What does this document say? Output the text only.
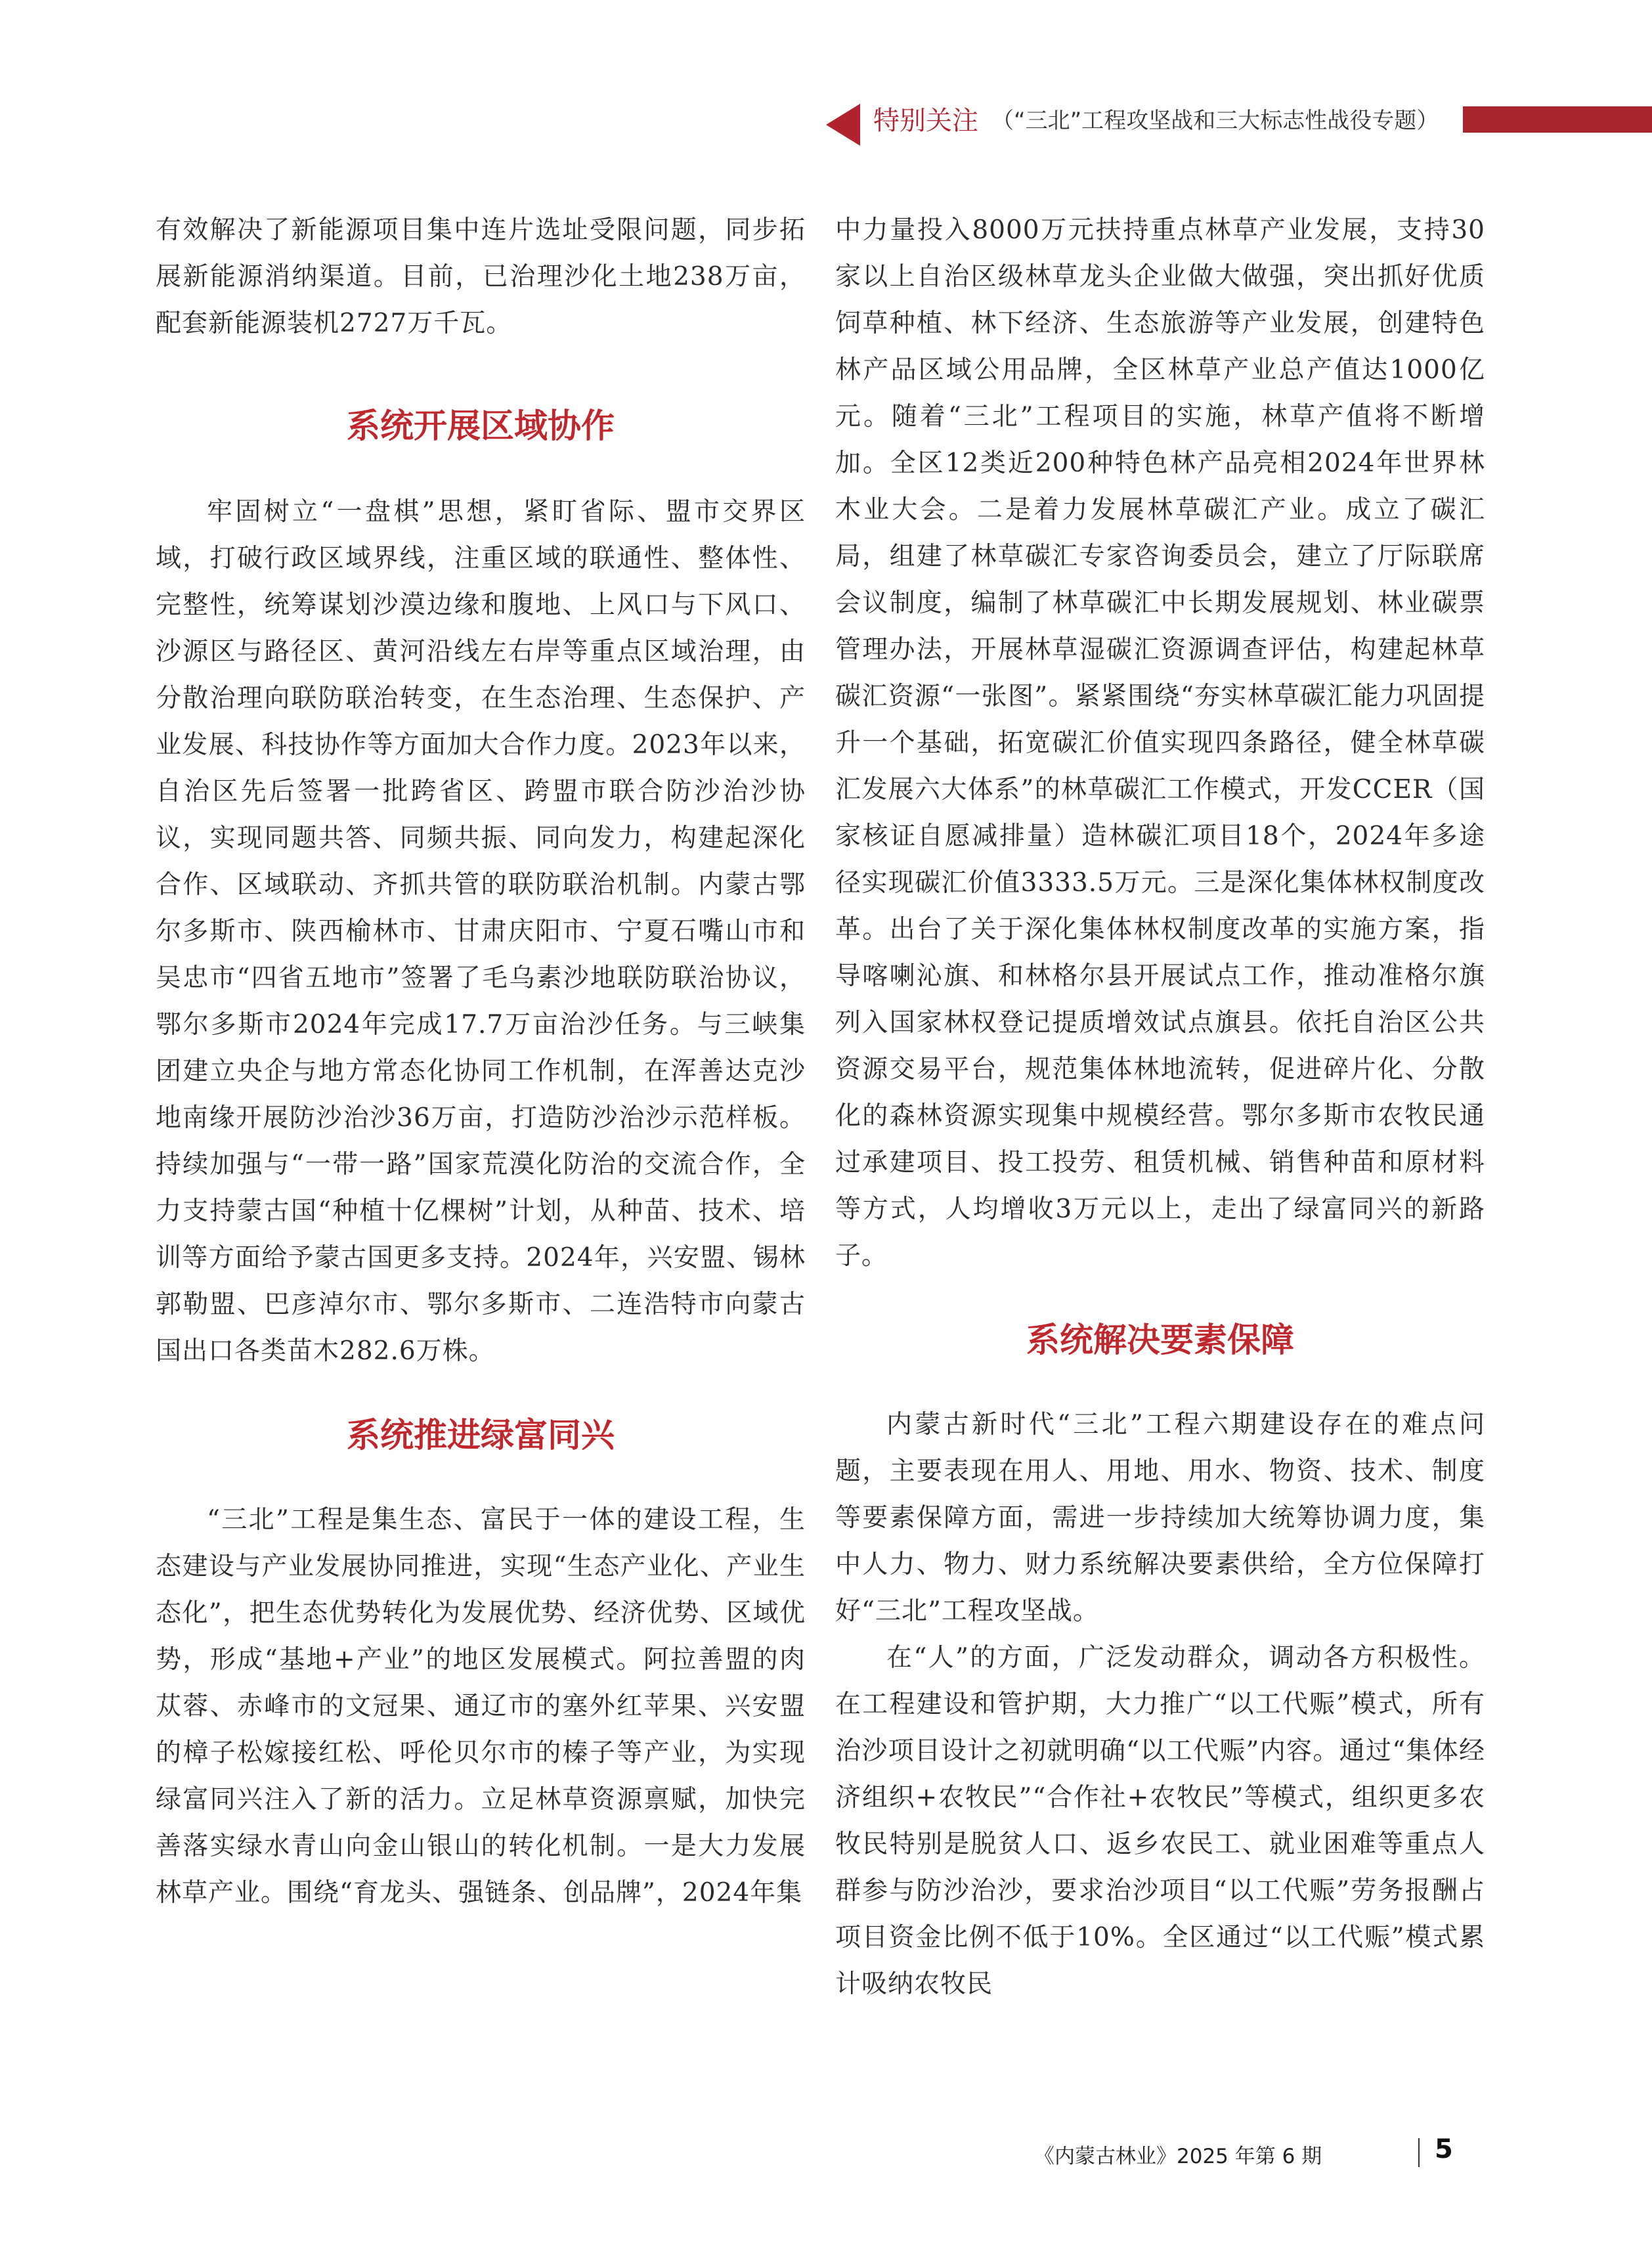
特别关注 （“三北”工程攻坚战和三大标志性战役专题）

有效解决了新能源项目集中连片选址受限问题，同步拓展新能源消纳渠道。目前，已治理沙化土地238万亩，配套新能源装机2727万千瓦。

系统开展区域协作

牢固树立“一盘棋”思想，紧盯省际、盟市交界区域，打破行政区域界线，注重区域的联通性、整体性、完整性，统筹谋划沙漠边缘和腹地、上风口与下风口、沙源区与路径区、黄河沿线左右岸等重点区域治理，由分散治理向联防联治转变，在生态治理、生态保护、产业发展、科技协作等方面加大合作力度。2023年以来，自治区先后签署一批跨省区、跨盟市联合防沙治沙协议，实现同题共答、同频共振、同向发力，构建起深化合作、区域联动、齐抓共管的联防联治机制。内蒙古鄂尔多斯市、陕西榆林市、甘肃庆阳市、宁夏石嘴山市和吴忠市“四省五地市”签署了毛乌素沙地联防联治协议，鄂尔多斯市2024年完成17.7万亩治沙任务。与三峡集团建立央企与地方常态化协同工作机制，在浑善达克沙地南缘开展防沙治沙36万亩，打造防沙治沙示范样板。持续加强与“一带一路”国家荒漠化防治的交流合作，全力支持蒙古国“种植十亿棵树”计划，从种苗、技术、培训等方面给予蒙古国更多支持。2024年，兴安盟、锡林郭勒盟、巴彦淖尔市、鄂尔多斯市、二连浩特市向蒙古国出口各类苗木282.6万株。

系统推进绿富同兴

“三北”工程是集生态、富民于一体的建设工程，生态建设与产业发展协同推进，实现“生态产业化、产业生态化”，把生态优势转化为发展优势、经济优势、区域优势，形成“基地+产业”的地区发展模式。阿拉善盟的肉苁蓉、赤峰市的文冠果、通辽市的塞外红苹果、兴安盟的樟子松嫁接红松、呼伦贝尔市的榛子等产业，为实现绿富同兴注入了新的活力。立足林草资源禀赋，加快完善落实绿水青山向金山银山的转化机制。一是大力发展林草产业。围绕“育龙头、强链条、创品牌”，2024年集

中力量投入8000万元扶持重点林草产业发展，支持30家以上自治区级林草龙头企业做大做强，突出抓好优质饲草种植、林下经济、生态旅游等产业发展，创建特色林产品区域公用品牌，全区林草产业总产值达1000亿元。随着“三北”工程项目的实施，林草产值将不断增加。全区12类近200种特色林产品亮相2024年世界林木业大会。二是着力发展林草碳汇产业。成立了碳汇局，组建了林草碳汇专家咨询委员会，建立了厅际联席会议制度，编制了林草碳汇中长期发展规划、林业碳票管理办法，开展林草湿碳汇资源调查评估，构建起林草碳汇资源“一张图”。紧紧围绕“夯实林草碳汇能力巩固提升一个基础，拓宽碳汇价值实现四条路径，健全林草碳汇发展六大体系”的林草碳汇工作模式，开发CCER（国家核证自愿减排量）造林碳汇项目18个，2024年多途径实现碳汇价值3333.5万元。三是深化集体林权制度改革。出台了关于深化集体林权制度改革的实施方案，指导喀喇沁旗、和林格尔县开展试点工作，推动准格尔旗列入国家林权登记提质增效试点旗县。依托自治区公共资源交易平台，规范集体林地流转，促进碎片化、分散化的森林资源实现集中规模经营。鄂尔多斯市农牧民通过承建项目、投工投劳、租赁机械、销售种苗和原材料等方式，人均增收3万元以上，走出了绿富同兴的新路子。

系统解决要素保障

内蒙古新时代“三北”工程六期建设存在的难点问题，主要表现在用人、用地、用水、物资、技术、制度等要素保障方面，需进一步持续加大统筹协调力度，集中人力、物力、财力系统解决要素供给，全方位保障打好“三北”工程攻坚战。

在“人”的方面，广泛发动群众，调动各方积极性。在工程建设和管护期，大力推广“以工代赈”模式，所有治沙项目设计之初就明确“以工代赈”内容。通过“集体经济组织+农牧民”“合作社+农牧民”等模式，组织更多农牧民特别是脱贫人口、返乡农民工、就业困难等重点人群参与防沙治沙，要求治沙项目“以工代赈”劳务报酬占项目资金比例不低于10%。全区通过“以工代赈”模式累计吸纳农牧民

《内蒙古林业》2025 年第 6 期	5
